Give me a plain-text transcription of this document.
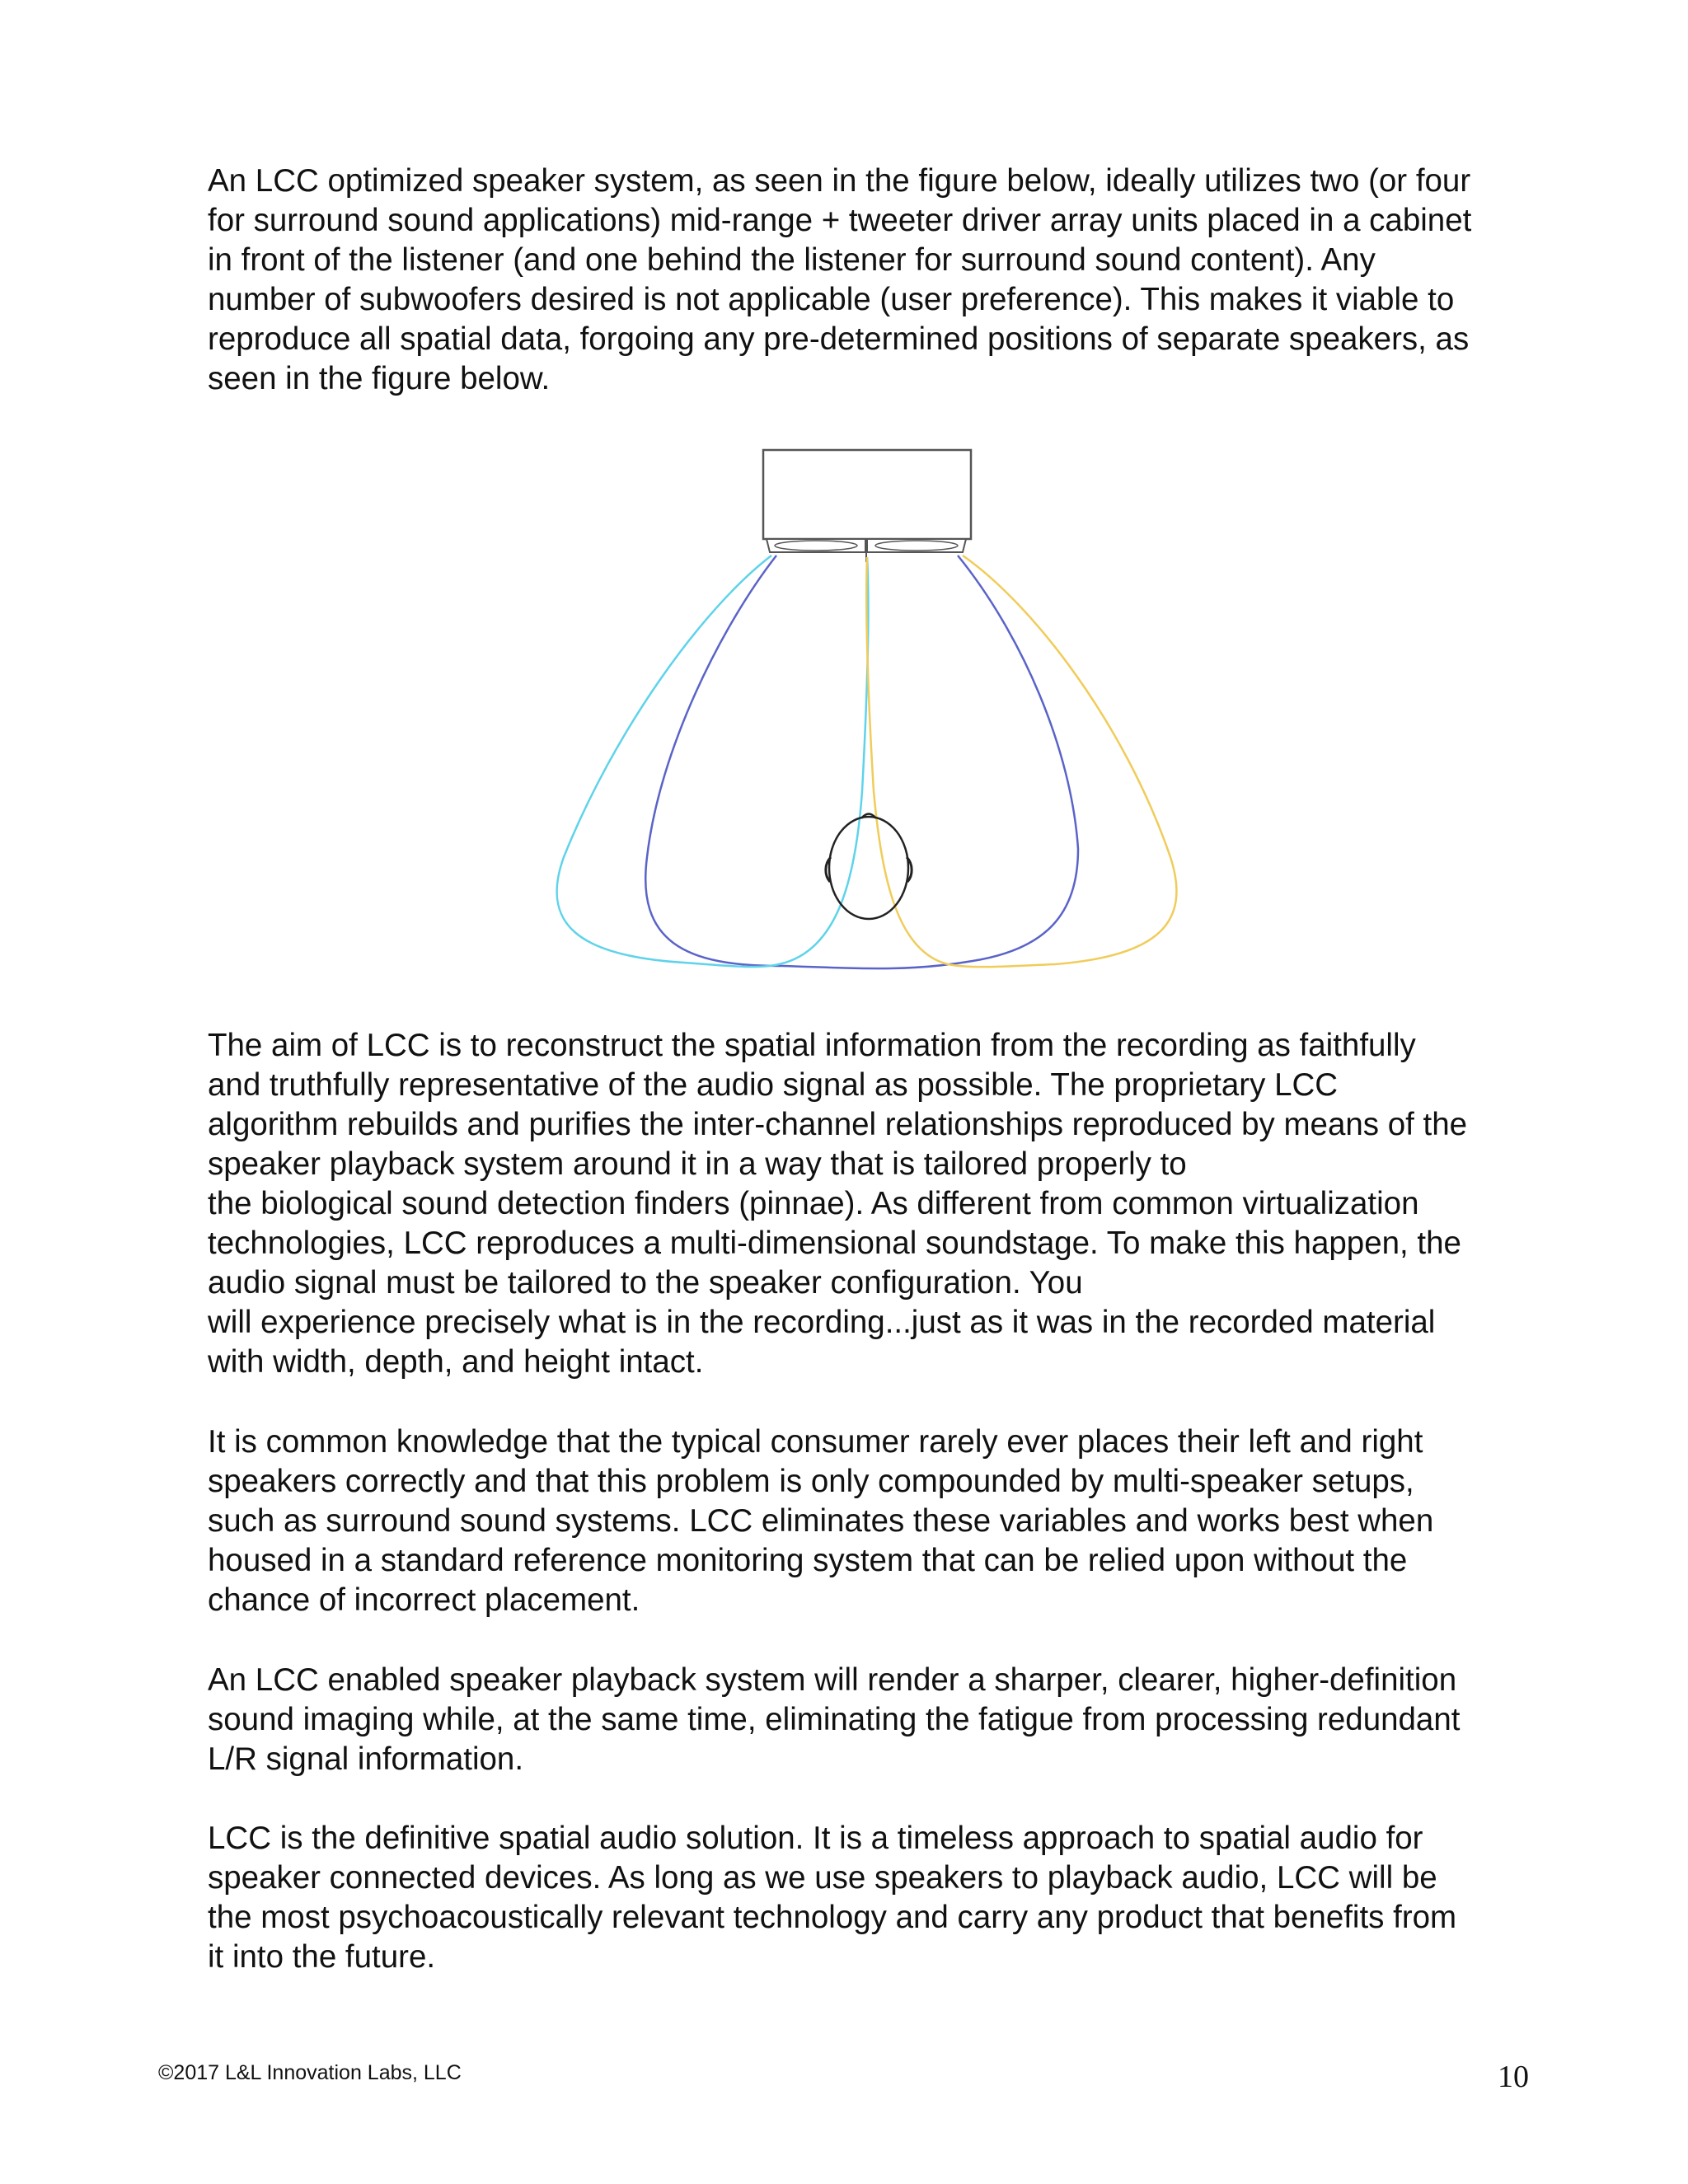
An LCC optimized speaker system, as seen in the figure below, ideally utilizes two (or four
for surround sound applications) mid-range + tweeter driver array units placed in a cabinet
in front of the listener (and one behind the listener for surround sound content). Any
number of subwoofers desired is not applicable (user preference). This makes it viable to
reproduce all spatial data, forgoing any pre-determined positions of separate speakers, as
seen in the figure below.
The aim of LCC is to reconstruct the spatial information from the recording as faithfully
and truthfully representative of the audio signal as possible. The proprietary LCC
algorithm rebuilds and purifies the inter-channel relationships reproduced by means of the
speaker playback system around it in a way that is tailored properly to
the biological sound detection finders (pinnae). As different from common virtualization
technologies, LCC reproduces a multi-dimensional soundstage. To make this happen, the
audio signal must be tailored to the speaker configuration. You
will experience precisely what is in the recording...just as it was in the recorded material
with width, depth, and height intact.
It is common knowledge that the typical consumer rarely ever places their left and right
speakers correctly and that this problem is only compounded by multi-speaker setups,
such as surround sound systems. LCC eliminates these variables and works best when
housed in a standard reference monitoring system that can be relied upon without the
chance of incorrect placement.
An LCC enabled speaker playback system will render a sharper, clearer, higher-definition
sound imaging while, at the same time, eliminating the fatigue from processing redundant
L/R signal information.
LCC is the definitive spatial audio solution. It is a timeless approach to spatial audio for
speaker connected devices. As long as we use speakers to playback audio, LCC will be
the most psychoacoustically relevant technology and carry any product that benefits from
it into the future.
©2017 L&L Innovation Labs, LLC	10
